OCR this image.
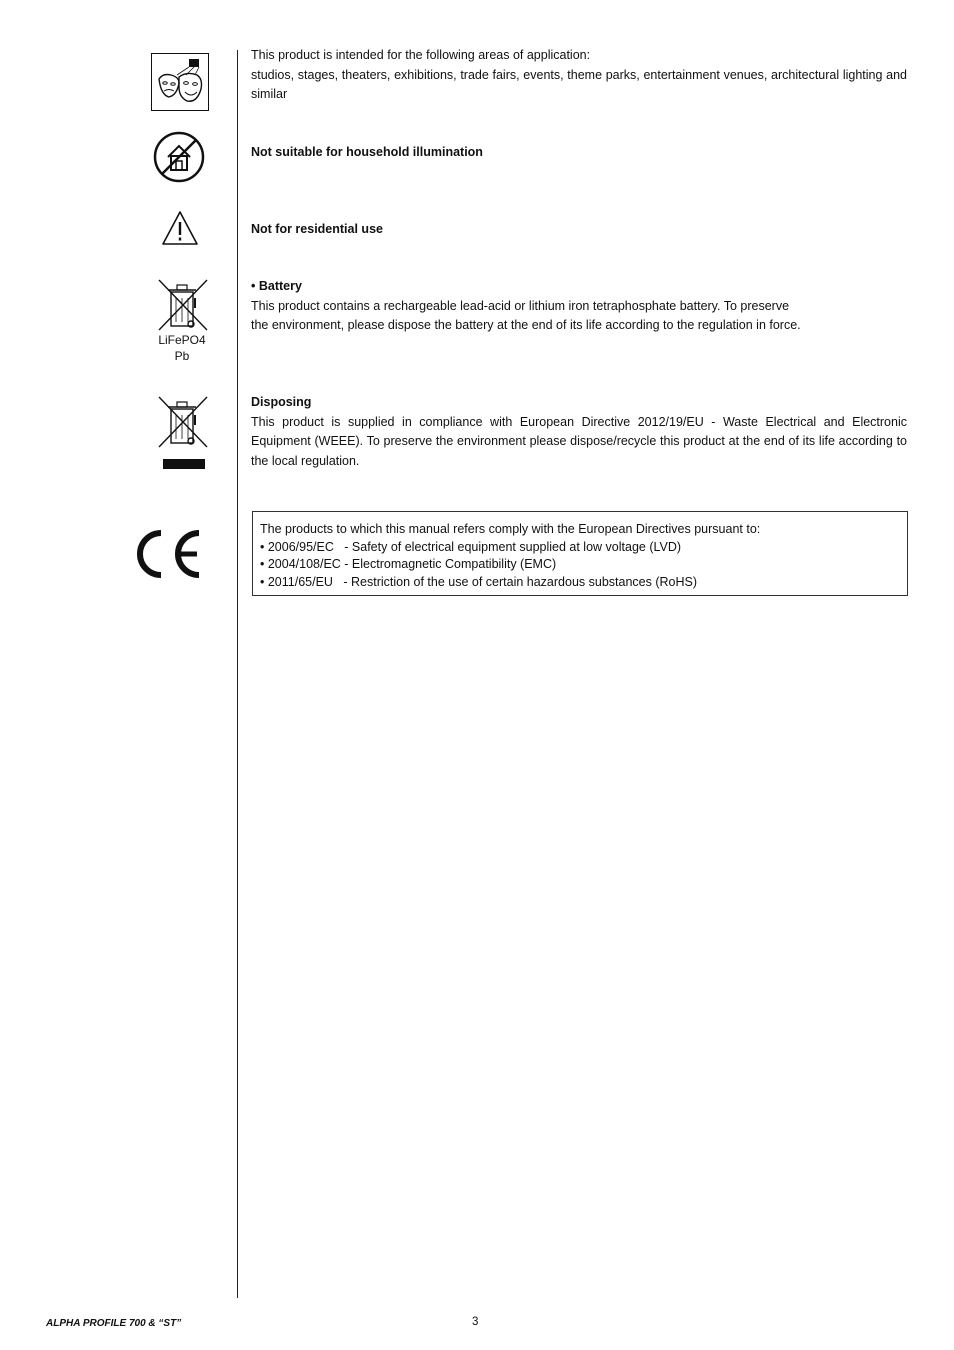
This product is intended for the following areas of application:
studios, stages, theaters, exhibitions, trade fairs, events, theme parks, entertainment venues, architectural lighting and similar
Not suitable for household illumination
Not for residential use
LiFePO4
Pb
• Battery
This product contains a rechargeable lead-acid or lithium iron tetraphosphate battery. To preserve
the environment, please dispose the battery at the end of its life according to the regulation in force.
Disposing
This product is supplied in compliance with European Directive 2012/19/EU - Waste Electrical and Electronic Equipment (WEEE). To preserve the environment please dispose/recycle this product at the end of its life according to the local regulation.
The products to which this manual refers comply with the European Directives pursuant to:
• 2006/95/EC   - Safety of electrical equipment supplied at low voltage (LVD)
• 2004/108/EC - Electromagnetic Compatibility (EMC)
• 2011/65/EU   - Restriction of the use of certain hazardous substances (RoHS)
ALPHA PROFILE 700 & “ST”	3
